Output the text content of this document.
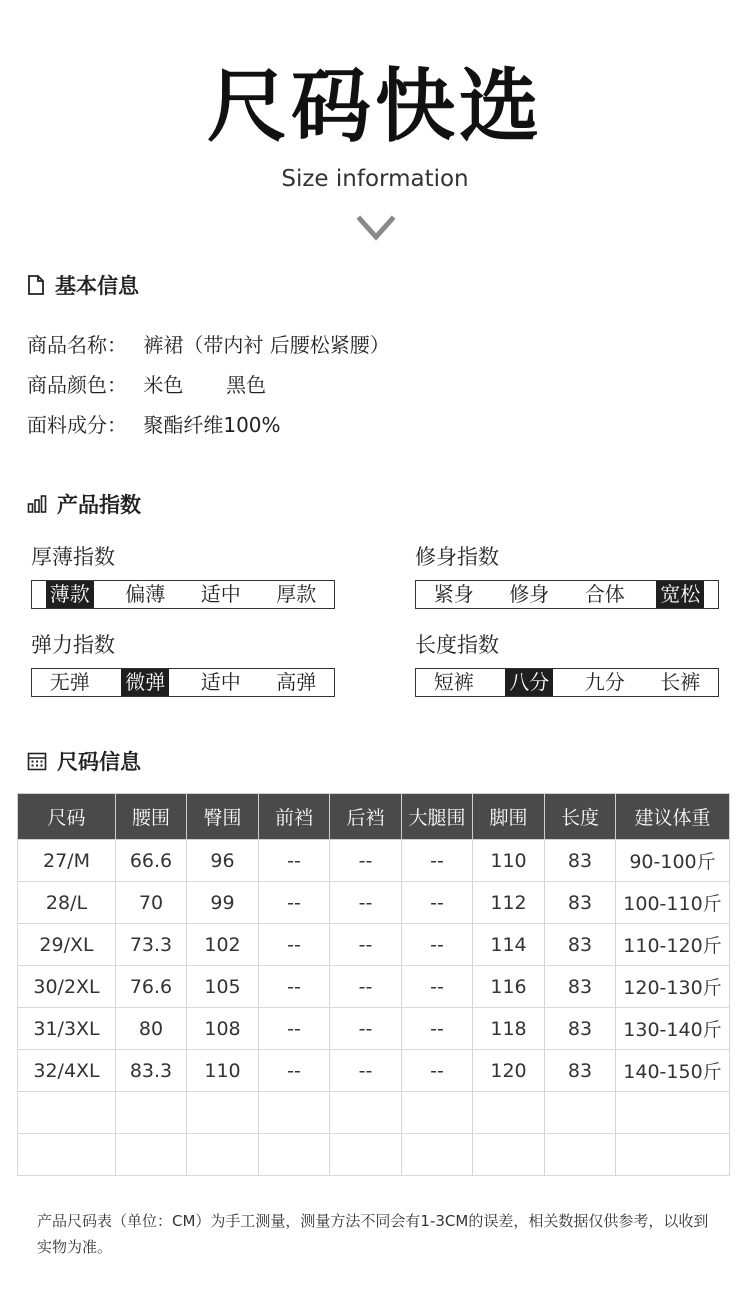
尺码快选
Size information
基本信息
商品名称： 裤裙（带内衬 后腰松紧腰）
商品颜色： 米色 黑色
面料成分： 聚酯纤维100%
产品指数
厚薄指数
薄款 偏薄 适中 厚款
修身指数
紧身 修身 合体 宽松
弹力指数
无弹 微弹 适中 高弹
长度指数
短裤 八分 九分 长裤
尺码信息
尺码	腰围	臀围	前裆	后裆	大腿围	脚围	长度	建议体重
27/M	66.6	96	--	--	--	110	83	90-100斤
28/L	70	99	--	--	--	112	83	100-110斤
29/XL	73.3	102	--	--	--	114	83	110-120斤
30/2XL	76.6	105	--	--	--	116	83	120-130斤
31/3XL	80	108	--	--	--	118	83	130-140斤
32/4XL	83.3	110	--	--	--	120	83	140-150斤

产品尺码表（单位：CM）为手工测量，测量方法不同会有1-3CM的误差，相关数据仅供参考，以收到实物为准。
